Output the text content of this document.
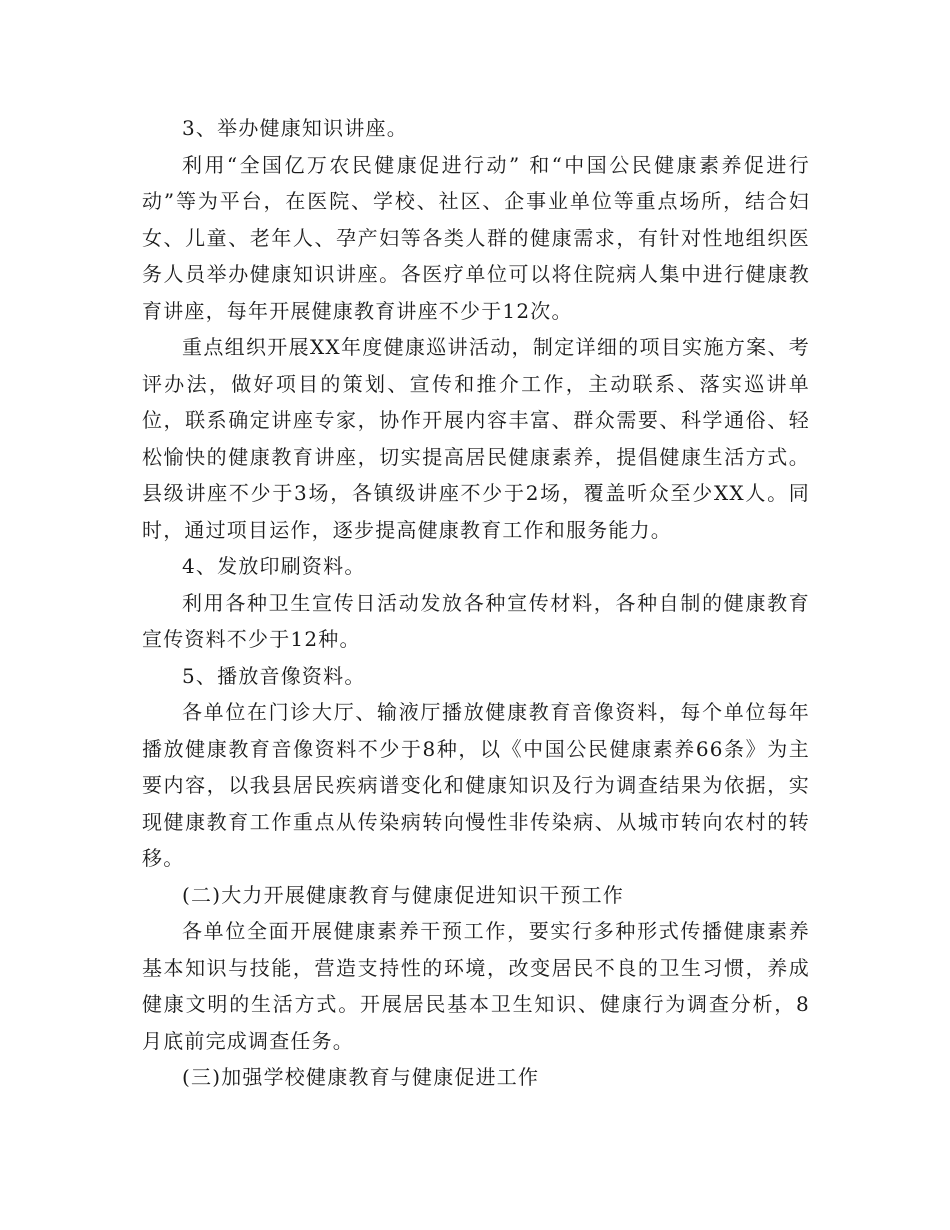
3、举办健康知识讲座。

利用“全国亿万农民健康促进行动” 和“中国公民健康素养促进行动”等为平台，在医院、学校、社区、企事业单位等重点场所，结合妇女、儿童、老年人、孕产妇等各类人群的健康需求，有针对性地组织医务人员举办健康知识讲座。各医疗单位可以将住院病人集中进行健康教育讲座，每年开展健康教育讲座不少于12次。

重点组织开展XX年度健康巡讲活动，制定详细的项目实施方案、考评办法，做好项目的策划、宣传和推介工作，主动联系、落实巡讲单位，联系确定讲座专家，协作开展内容丰富、群众需要、科学通俗、轻松愉快的健康教育讲座，切实提高居民健康素养，提倡健康生活方式。县级讲座不少于3场，各镇级讲座不少于2场，覆盖听众至少XX人。同时，通过项目运作，逐步提高健康教育工作和服务能力。

4、发放印刷资料。

利用各种卫生宣传日活动发放各种宣传材料，各种自制的健康教育宣传资料不少于12种。

5、播放音像资料。

各单位在门诊大厅、输液厅播放健康教育音像资料，每个单位每年播放健康教育音像资料不少于8种，以《中国公民健康素养66条》为主要内容，以我县居民疾病谱变化和健康知识及行为调查结果为依据，实现健康教育工作重点从传染病转向慢性非传染病、从城市转向农村的转移。

(二)大力开展健康教育与健康促进知识干预工作

各单位全面开展健康素养干预工作，要实行多种形式传播健康素养基本知识与技能，营造支持性的环境，改变居民不良的卫生习惯，养成健康文明的生活方式。开展居民基本卫生知识、健康行为调查分析，8月底前完成调查任务。

(三)加强学校健康教育与健康促进工作
